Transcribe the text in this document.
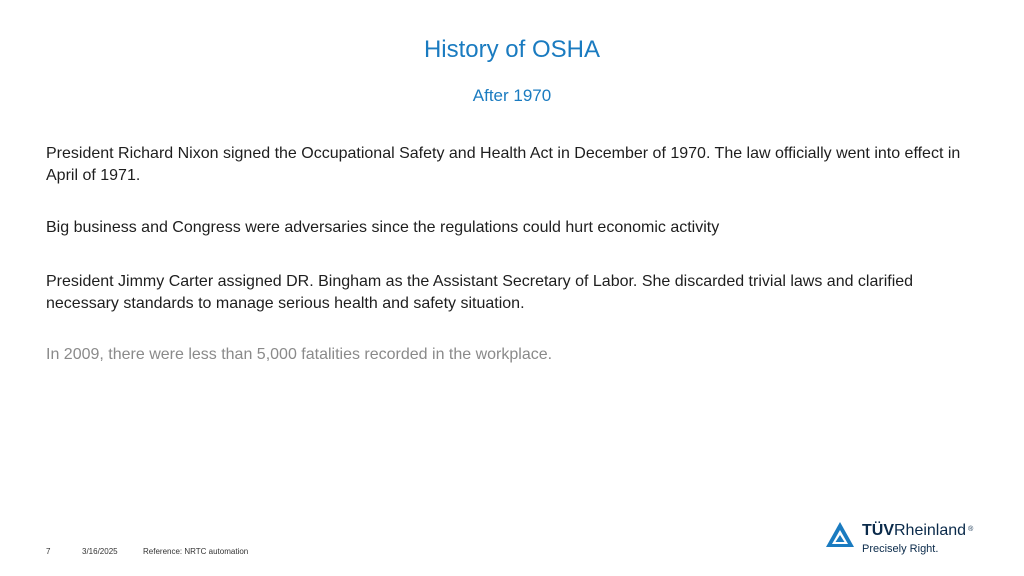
History of OSHA
After 1970
President Richard Nixon signed the Occupational Safety and Health Act in December of 1970. The law officially went into effect in April of 1971.
Big business and Congress were adversaries since the regulations could hurt economic activity
President Jimmy Carter assigned DR. Bingham as the Assistant Secretary of Labor. She discarded trivial laws and clarified necessary standards to manage serious health and safety situation.
In 2009, there were less than 5,000 fatalities recorded in the workplace.
7	3/16/2025	Reference: NRTC automation
TÜVRheinland ®
Precisely Right.
